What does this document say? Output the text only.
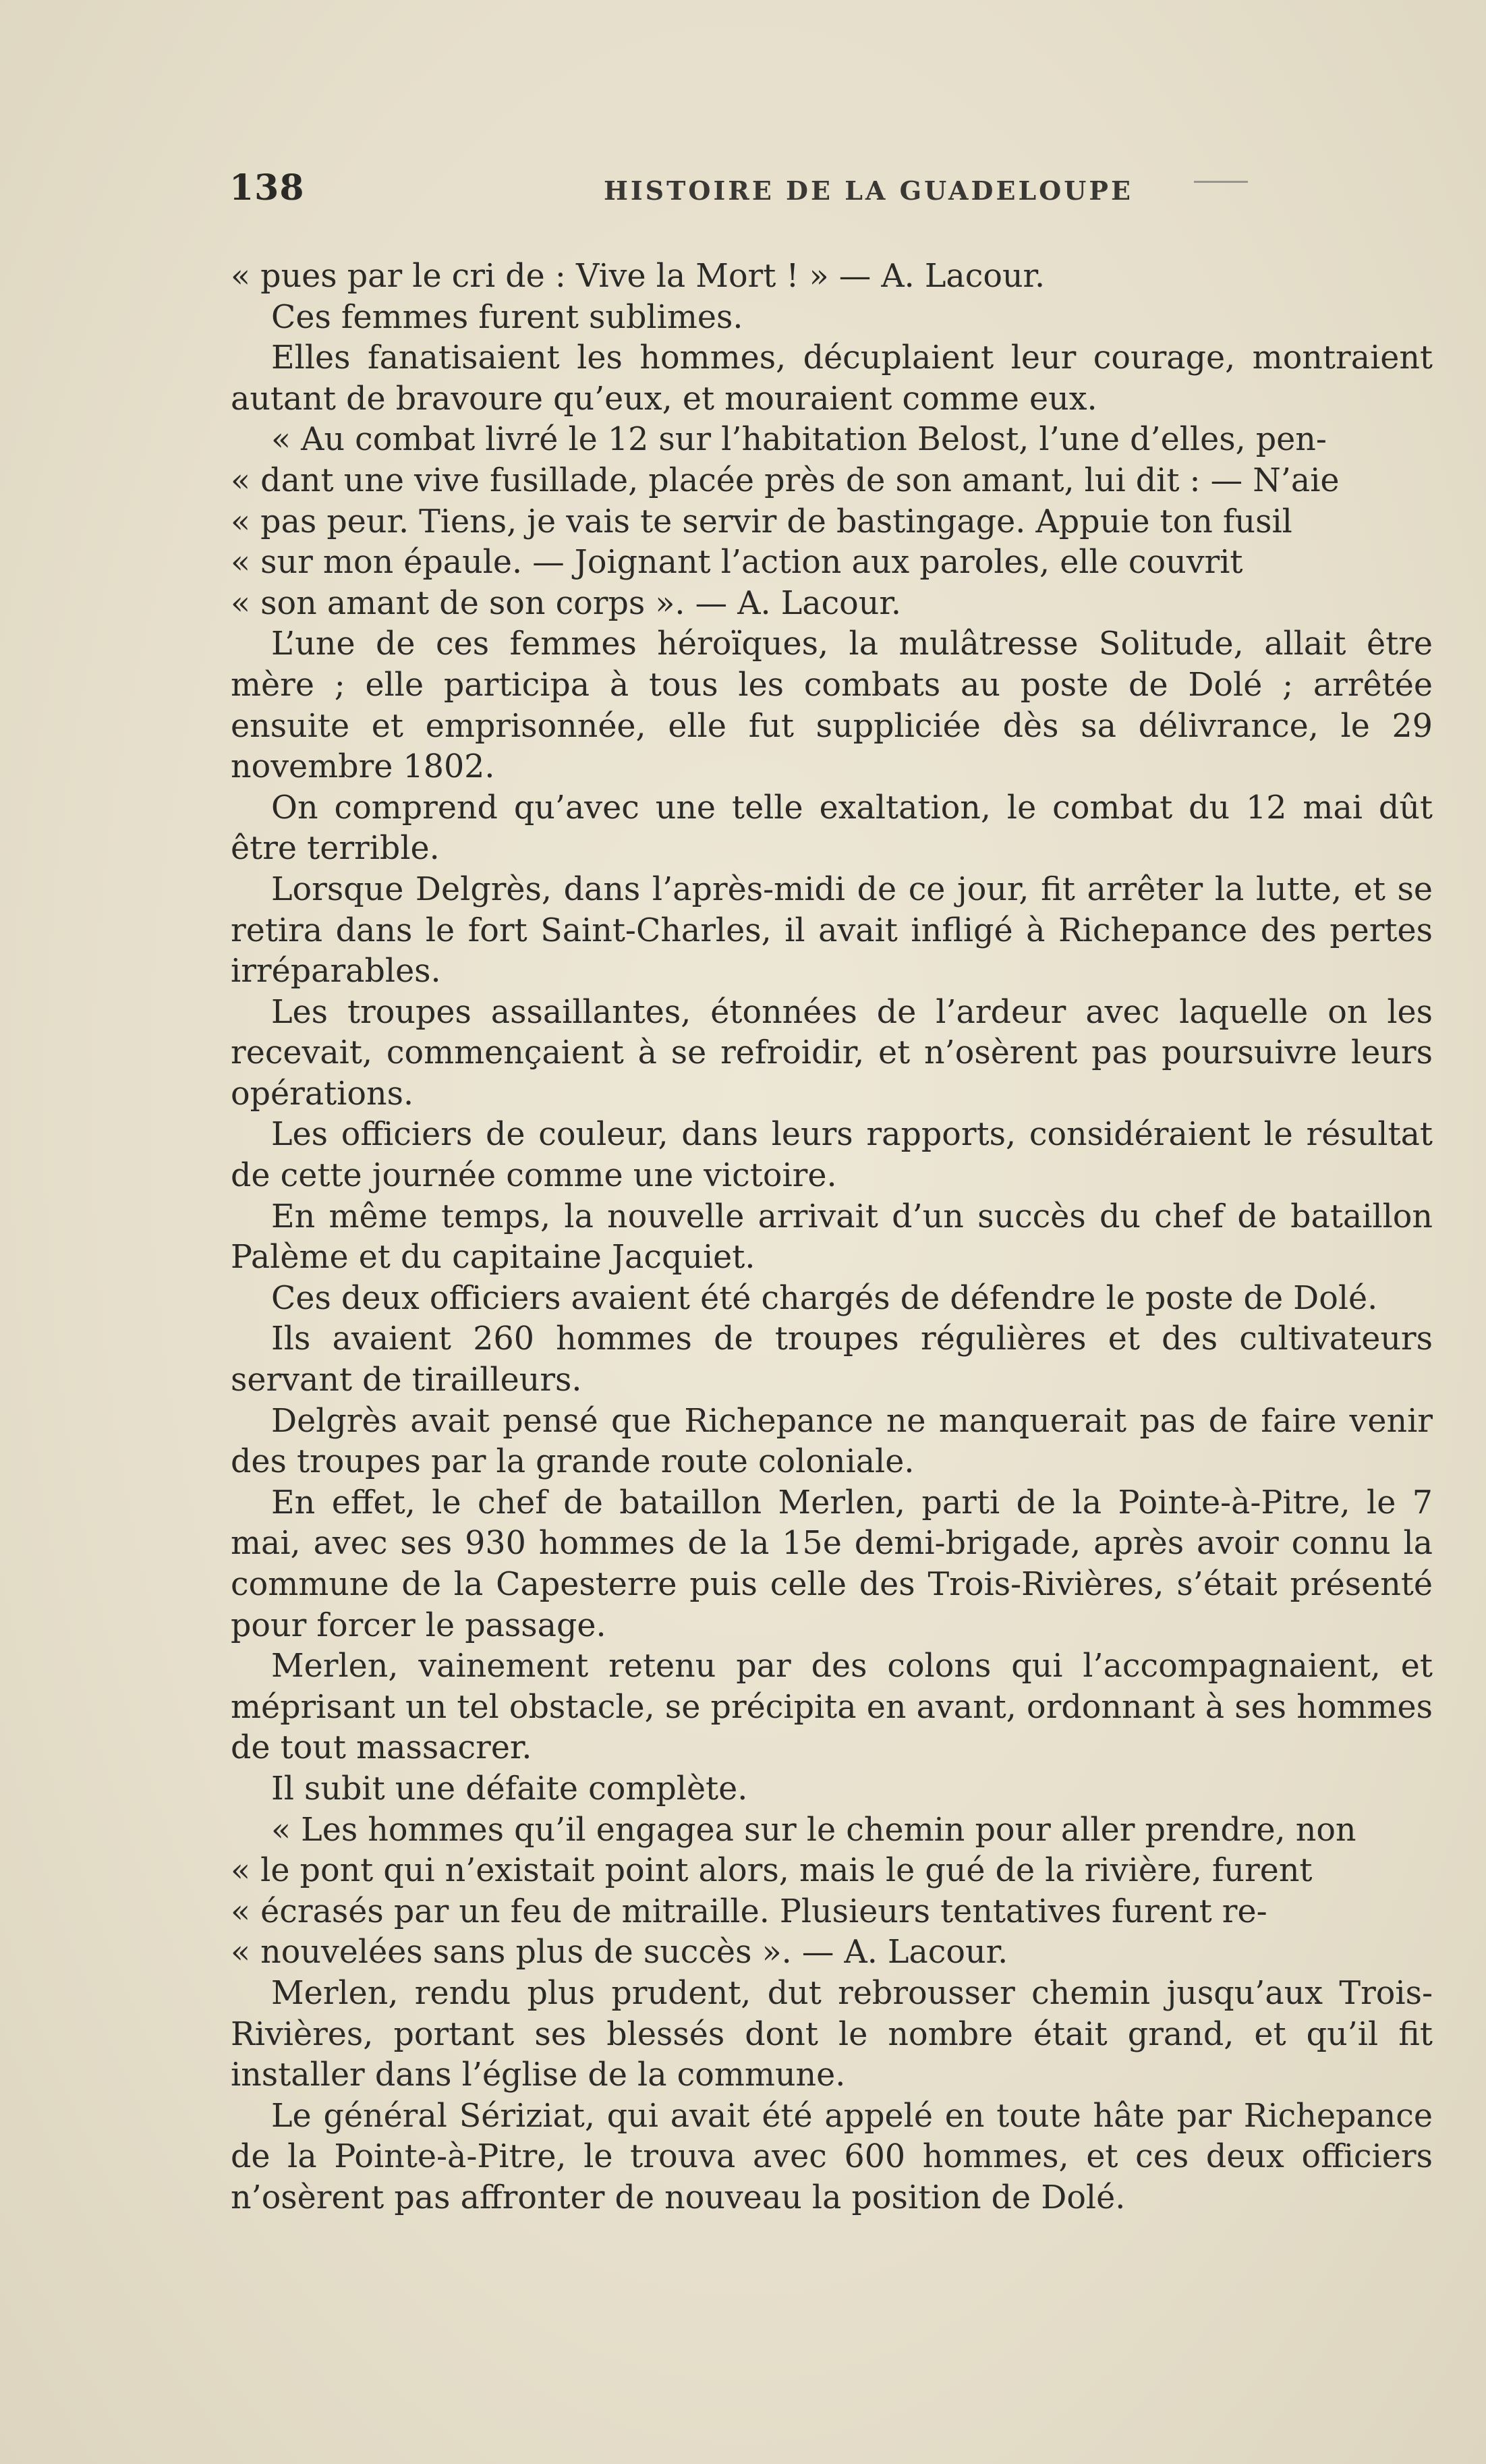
138	HISTOIRE DE LA GUADELOUPE

« pues par le cri de : Vive la Mort ! » — A. Lacour.

Ces femmes furent sublimes.

Elles fanatisaient les hommes, décuplaient leur courage, montraient autant de bravoure qu’eux, et mouraient comme eux.

« Au combat livré le 12 sur l’habitation Belost, l’une d’elles, pen-
« dant une vive fusillade, placée près de son amant, lui dit : — N’aie
« pas peur. Tiens, je vais te servir de bastingage. Appuie ton fusil
« sur mon épaule. — Joignant l’action aux paroles, elle couvrit
« son amant de son corps ». — A. Lacour.

L’une de ces femmes héroïques, la mulâtresse Solitude, allait être mère ; elle participa à tous les combats au poste de Dolé ; arrêtée ensuite et emprisonnée, elle fut suppliciée dès sa délivrance, le 29 novembre 1802.

On comprend qu’avec une telle exaltation, le combat du 12 mai dût être terrible.

Lorsque Delgrès, dans l’après-midi de ce jour, fit arrêter la lutte, et se retira dans le fort Saint-Charles, il avait infligé à Richepance des pertes irréparables.

Les troupes assaillantes, étonnées de l’ardeur avec laquelle on les recevait, commençaient à se refroidir, et n’osèrent pas poursuivre leurs opérations.

Les officiers de couleur, dans leurs rapports, considéraient le résultat de cette journée comme une victoire.

En même temps, la nouvelle arrivait d’un succès du chef de bataillon Palème et du capitaine Jacquiet.

Ces deux officiers avaient été chargés de défendre le poste de Dolé.

Ils avaient 260 hommes de troupes régulières et des cultivateurs servant de tirailleurs.

Delgrès avait pensé que Richepance ne manquerait pas de faire venir des troupes par la grande route coloniale.

En effet, le chef de bataillon Merlen, parti de la Pointe-à-Pitre, le 7 mai, avec ses 930 hommes de la 15e demi-brigade, après avoir connu la commune de la Capesterre puis celle des Trois-Rivières, s’était présenté pour forcer le passage.

Merlen, vainement retenu par des colons qui l’accompagnaient, et méprisant un tel obstacle, se précipita en avant, ordonnant à ses hommes de tout massacrer.

Il subit une défaite complète.

« Les hommes qu’il engagea sur le chemin pour aller prendre, non
« le pont qui n’existait point alors, mais le gué de la rivière, furent
« écrasés par un feu de mitraille. Plusieurs tentatives furent re-
« nouvelées sans plus de succès ». — A. Lacour.

Merlen, rendu plus prudent, dut rebrousser chemin jusqu’aux Trois-Rivières, portant ses blessés dont le nombre était grand, et qu’il fit installer dans l’église de la commune.

Le général Sériziat, qui avait été appelé en toute hâte par Richepance de la Pointe-à-Pitre, le trouva avec 600 hommes, et ces deux officiers n’osèrent pas affronter de nouveau la position de Dolé.
